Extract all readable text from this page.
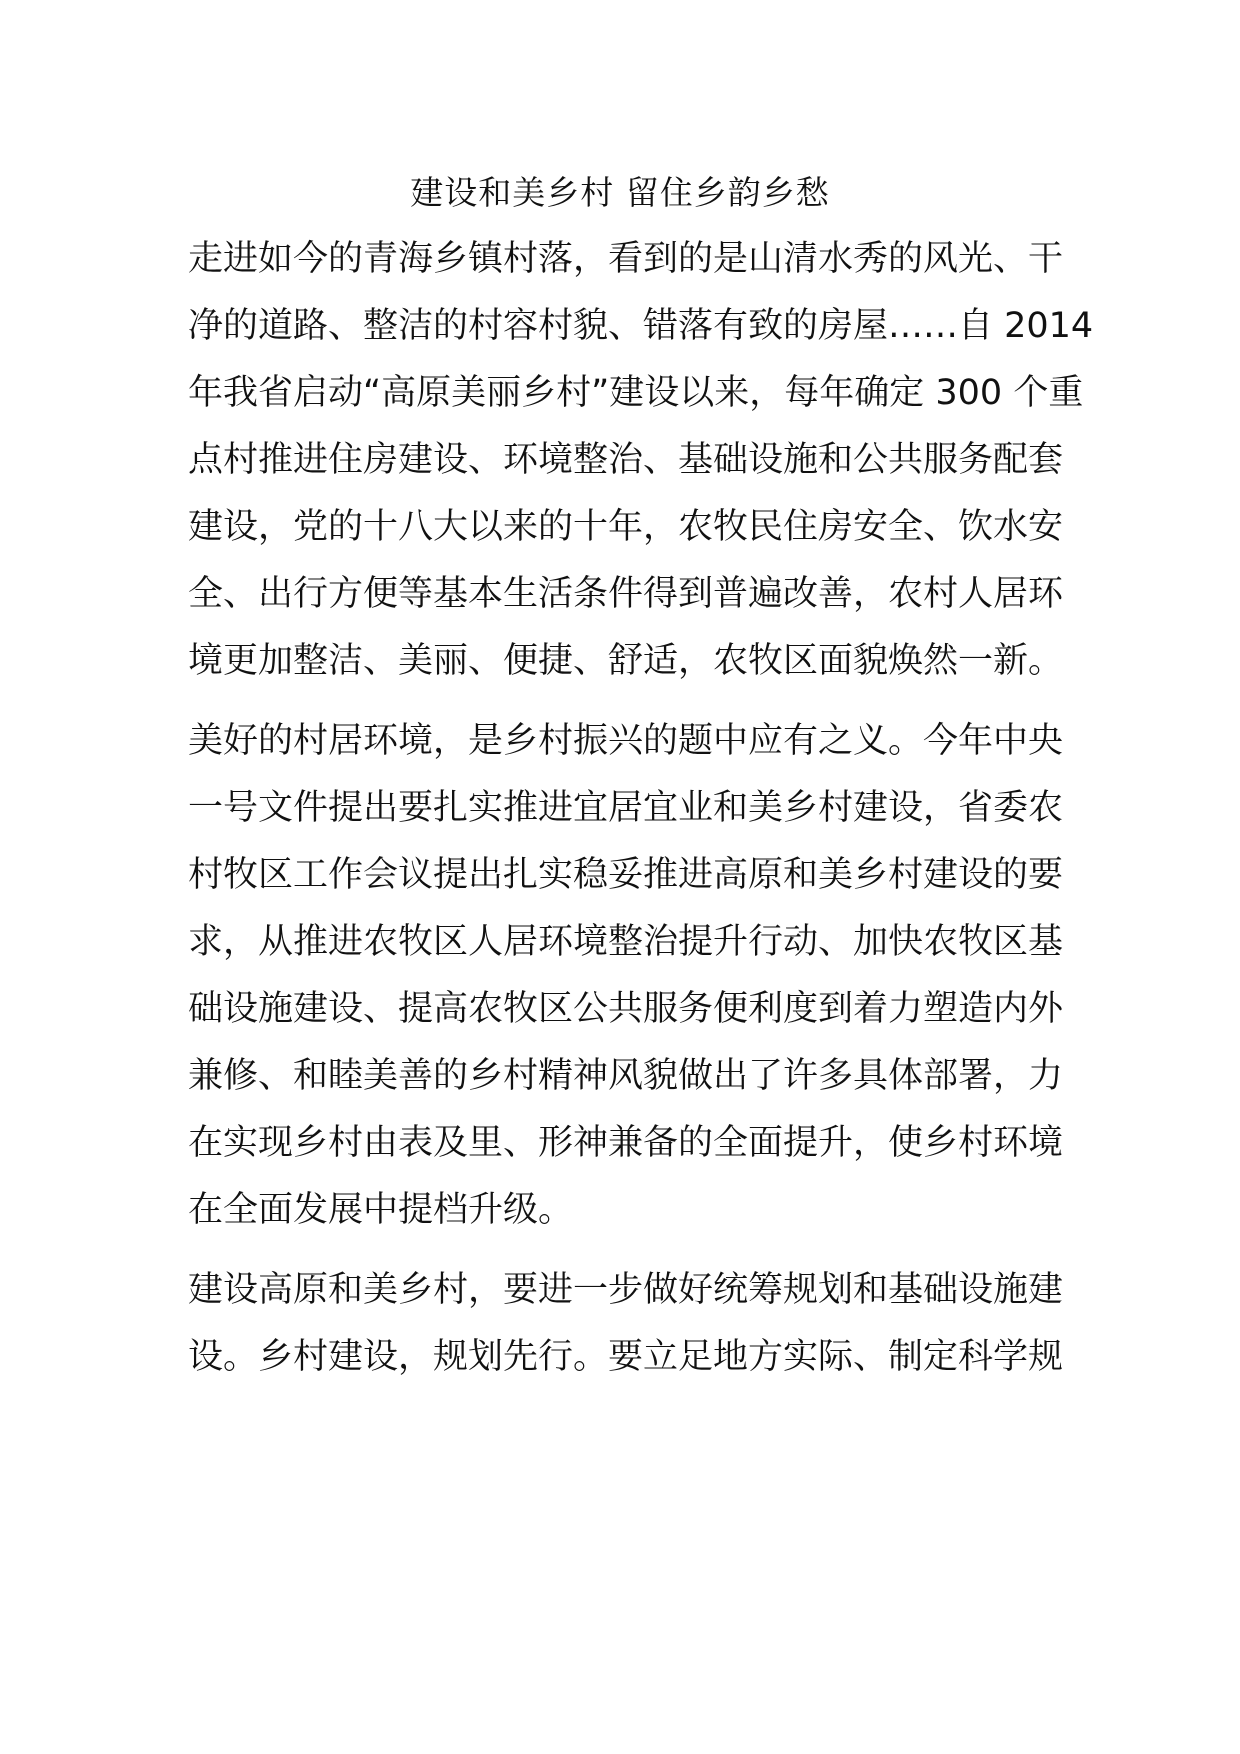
建设和美乡村 留住乡韵乡愁

走进如今的青海乡镇村落，看到的是山清水秀的风光、干

净的道路、整洁的村容村貌、错落有致的房屋……自 2014

年我省启动“高原美丽乡村”建设以来，每年确定 300 个重

点村推进住房建设、环境整治、基础设施和公共服务配套

建设，党的十八大以来的十年，农牧民住房安全、饮水安

全、出行方便等基本生活条件得到普遍改善，农村人居环

境更加整洁、美丽、便捷、舒适，农牧区面貌焕然一新。

美好的村居环境，是乡村振兴的题中应有之义。今年中央

一号文件提出要扎实推进宜居宜业和美乡村建设，省委农

村牧区工作会议提出扎实稳妥推进高原和美乡村建设的要

求，从推进农牧区人居环境整治提升行动、加快农牧区基

础设施建设、提高农牧区公共服务便利度到着力塑造内外

兼修、和睦美善的乡村精神风貌做出了许多具体部署，力

在实现乡村由表及里、形神兼备的全面提升，使乡村环境

在全面发展中提档升级。

建设高原和美乡村，要进一步做好统筹规划和基础设施建

设。乡村建设，规划先行。要立足地方实际、制定科学规
